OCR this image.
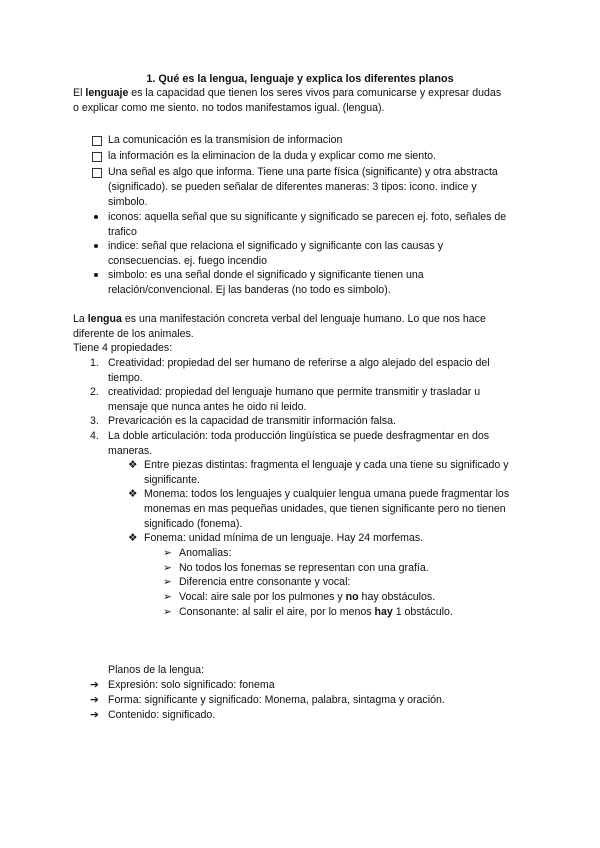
1. Qué es la lengua, lenguaje y explica los diferentes planos
El lenguaje es la capacidad que tienen los seres vivos para comunicarse y expresar dudas
o explicar como me siento. no todos manifestamos igual. (lengua).
La comunicación es la transmision de informacion
la información es la eliminacion de la duda y explicar como me siento.
Una señal es algo que informa. Tiene una parte física (significante) y otra abstracta
(significado). se pueden señalar de diferentes maneras: 3 tipos: icono. indice y
simbolo.
iconos: aquella señal que su significante y significado se parecen ej. foto, señales de
trafico
indice: señal que relaciona el significado y significante con las causas y
consecuencias. ej. fuego incendio
simbolo: es una señal donde el significado y significante tienen una
relación/convencional. Ej las banderas (no todo es simbolo).
La lengua es una manifestación concreta verbal del lenguaje humano. Lo que nos hace
diferente de los animales.
Tiene 4 propiedades:
1. Creatividad: propiedad del ser humano de referirse a algo alejado del espacio del
tiempo.
2. creatividad: propiedad del lenguaje humano que permite transmitir y trasladar u
mensaje que nunca antes he oido ni leido.
3. Prevaricación es la capacidad de transmitir información falsa.
4. La doble articulación: toda producción lingüística se puede desfragmentar en dos
maneras.
❖ Entre piezas distintas: fragmenta el lenguaje y cada una tiene su significado y
significante.
❖ Monema: todos los lenguajes y cualquier lengua umana puede fragmentar los
monemas en mas pequeñas unidades, que tienen significante pero no tienen
significado (fonema).
❖ Fonema: unidad mínima de un lenguaje. Hay 24 morfemas.
➢ Anomalias:
➢ No todos los fonemas se representan con una grafía.
➢ Diferencia entre consonante y vocal:
➢ Vocal: aire sale por los pulmones y no hay obstáculos.
➢ Consonante: al salir el aire, por lo menos hay 1 obstáculo.
Planos de la lengua:
➔ Expresión: solo significado: fonema
➔ Forma: significante y significado: Monema, palabra, sintagma y oración.
➔ Contenido: significado.
